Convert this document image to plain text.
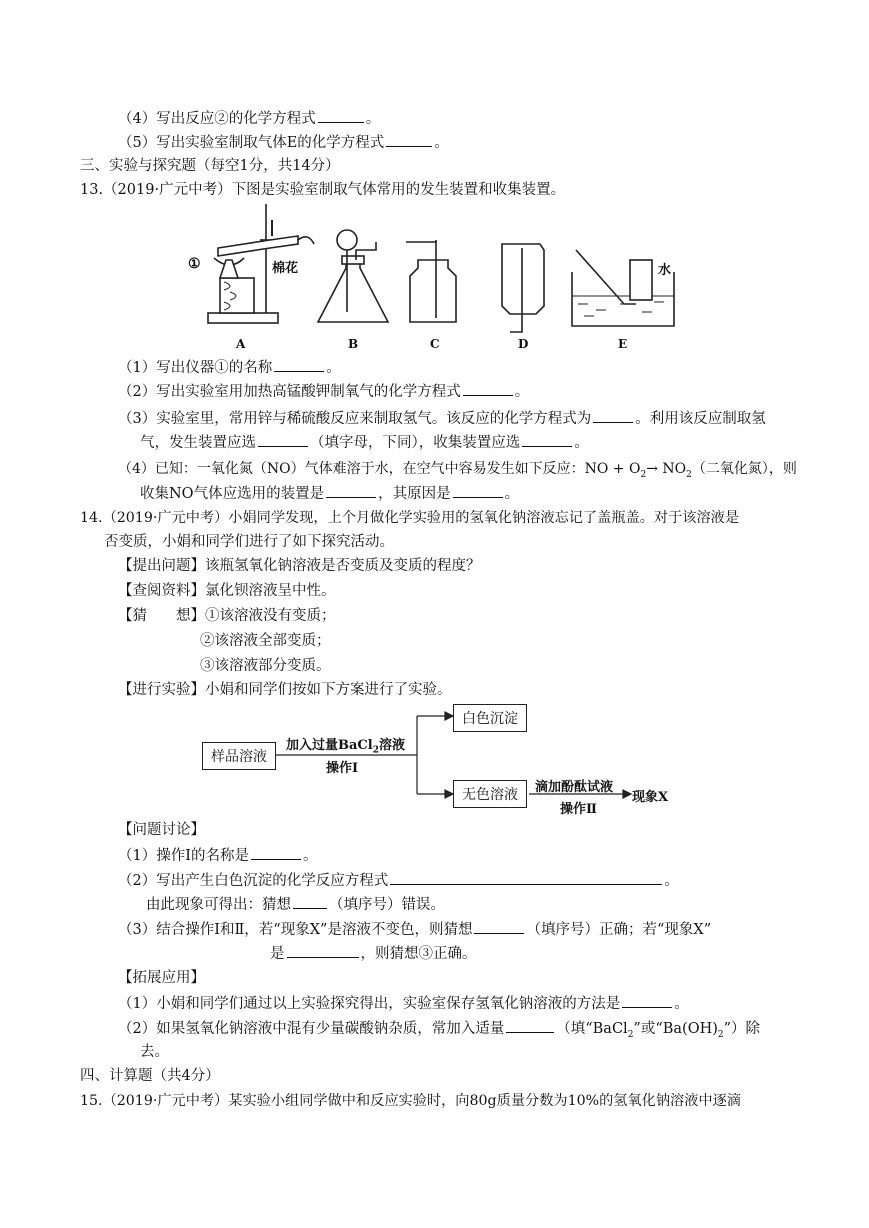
（4）写出反应②的化学方程式	。
（5）写出实验室制取气体E的化学方程式	。
三、实验与探究题（每空1分，共14分）
13.（2019·广元中考）下图是实验室制取气体常用的发生装置和收集装置。
①	棉花
A	B	C	D
水
E
（1）写出仪器①的名称	。
（2）写出实验室用加热高锰酸钾制氧气的化学方程式	。
（3）实验室里，常用锌与稀硫酸反应来制取氢气。该反应的化学方程式为	。利用该反应制取氢
气，发生装置应选	（填字母，下同），收集装置应选	。
（4）已知：一氧化氮（NO）气体难溶于水，在空气中容易发生如下反应：NO + $O_2\to NO_2$（二氧化氮），则
收集NO气体应选用的装置是	，其原因是	。
14.（2019·广元中考）小娟同学发现，上个月做化学实验用的氢氧化钠溶液忘记了盖瓶盖。对于该溶液是
否变质，小娟和同学们进行了如下探究活动。
【提出问题】该瓶氢氧化钠溶液是否变质及变质的程度？
【查阅资料】氯化钡溶液呈中性。
【猜　　想】①该溶液没有变质；
②该溶液全部变质；
③该溶液部分变质。
【进行实验】小娟和同学们按如下方案进行了实验。
样品溶液
加入过量BaCl$_2$溶液
操作I
白色沉淀
无色溶液 滴加酚酞试液
操作Ⅱ
现象X
【问题讨论】
（1）操作Ⅰ的名称是	。
（2）写出产生白色沉淀的化学反应方程式	。
由此现象可得出：猜想	（填序号）错误。
（3）结合操作Ⅰ和Ⅱ，若“现象X”是溶液不变色，则猜想	（填序号）正确；若“现象X”
是	，则猜想③正确。
【拓展应用】
（1）小娟和同学们通过以上实验探究得出，实验室保存氢氧化钠溶液的方法是	。
（2）如果氢氧化钠溶液中混有少量碳酸钠杂质，常加入适量	（填“BaCl$_2$”或“$Ba(OH)_2$”）除
去。
四、计算题（共4分）
15.（2019·广元中考）某实验小组同学做中和反应实验时，向80g质量分数为10%的氢氧化钠溶液中逐滴
